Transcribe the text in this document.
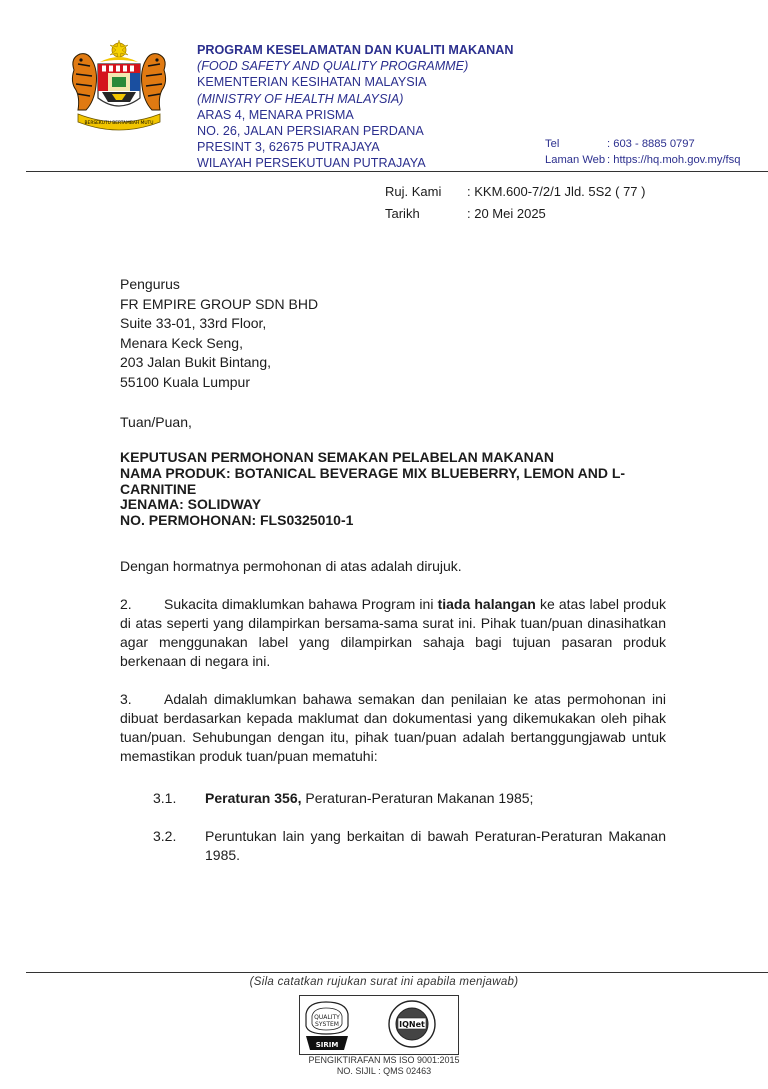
BERSEKUTU BERTAMBAH MUTU
PROGRAM KESELAMATAN DAN KUALITI MAKANAN
(FOOD SAFETY AND QUALITY PROGRAMME)
KEMENTERIAN KESIHATAN MALAYSIA
(MINISTRY OF HEALTH MALAYSIA)
ARAS 4, MENARA PRISMA
NO. 26, JALAN PERSIARAN PERDANA
PRESINT 3, 62675 PUTRAJAYA
WILAYAH PERSEKUTUAN PUTRAJAYA
Tel	: 603 - 8885 0797
Laman Web : https://hq.moh.gov.my/fsq
Ruj. Kami : KKM.600-7/2/1 Jld. 5S2 ( 77 )
Tarikh	: 20 Mei 2025
Pengurus
FR EMPIRE GROUP SDN BHD
Suite 33-01, 33rd Floor,
Menara Keck Seng,
203 Jalan Bukit Bintang,
55100 Kuala Lumpur
Tuan/Puan,
KEPUTUSAN PERMOHONAN SEMAKAN PELABELAN MAKANAN
NAMA PRODUK: BOTANICAL BEVERAGE MIX BLUEBERRY, LEMON AND L-
CARNITINE
JENAMA: SOLIDWAY
NO. PERMOHONAN: FLS0325010-1
Dengan hormatnya permohonan di atas adalah dirujuk.
2. Sukacita dimaklumkan bahawa Program ini tiada halangan ke atas label produk di atas seperti yang dilampirkan bersama-sama surat ini. Pihak tuan/puan dinasihatkan agar menggunakan label yang dilampirkan sahaja bagi tujuan pasaran produk berkenaan di negara ini.
3. Adalah dimaklumkan bahawa semakan dan penilaian ke atas permohonan ini dibuat berdasarkan kepada maklumat dan dokumentasi yang dikemukakan oleh pihak tuan/puan. Sehubungan dengan itu, pihak tuan/puan adalah bertanggungjawab untuk memastikan produk tuan/puan mematuhi:
3.1. Peraturan 356, Peraturan-Peraturan Makanan 1985;
3.2. Peruntukan lain yang berkaitan di bawah Peraturan-Peraturan Makanan 1985.
(Sila catatkan rujukan surat ini apabila menjawab)
QUALITY
SYSTEM
SIRIM
IQNet
PENGIKTIRAFAN MS ISO 9001:2015
NO. SIJIL : QMS 02463
